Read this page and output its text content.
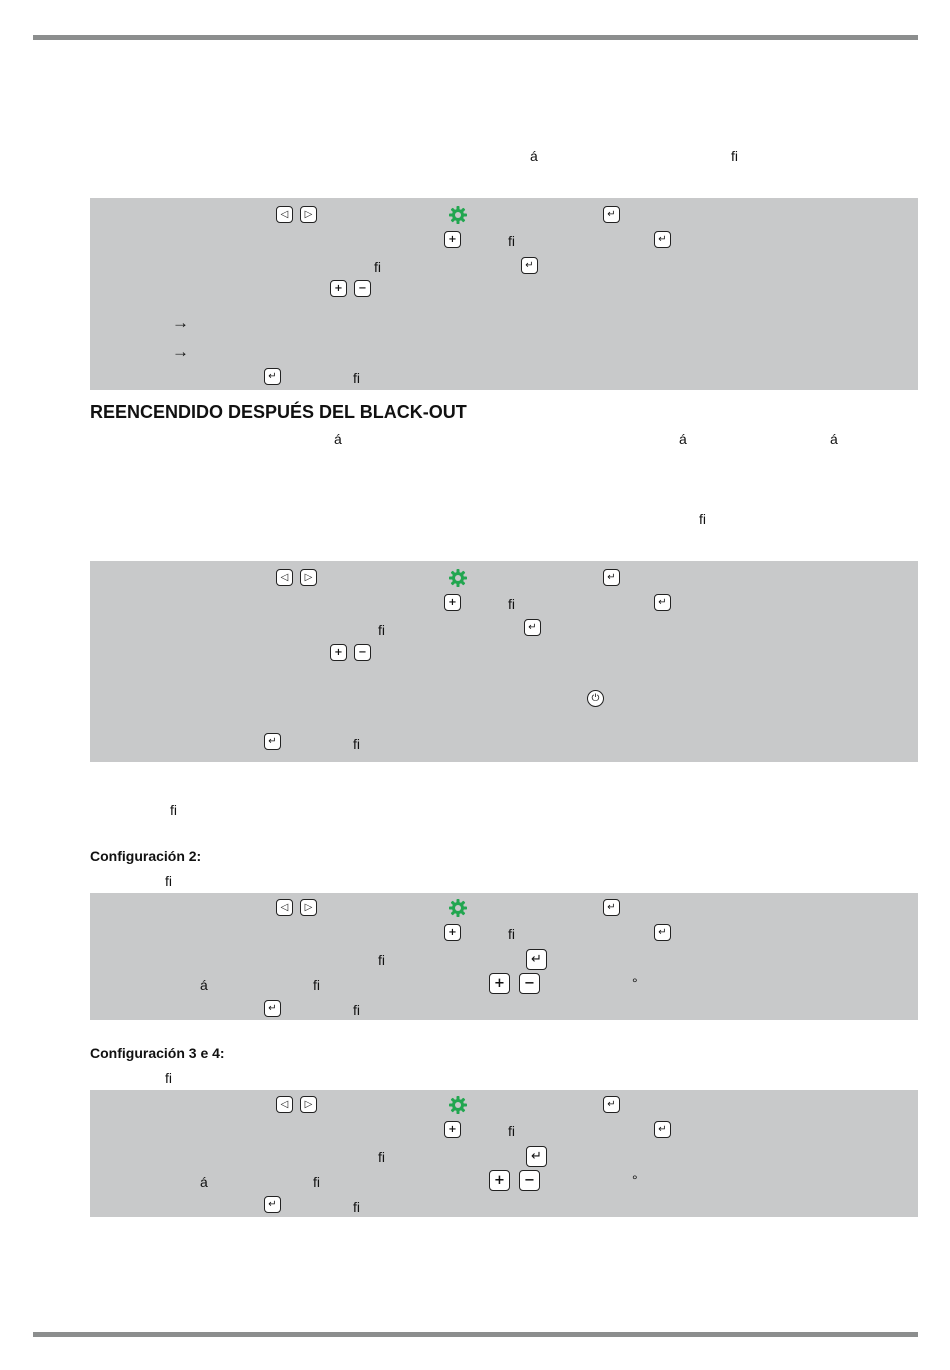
á	fi
◁	▷	↵
+	fi	↵
fi	↵
+	−
→
→
↵	fi
REENCENDIDO DESPUÉS DEL BLACK-OUT
á	á	á
fi
◁	▷	↵
+	fi	↵
fi	↵
+	−
⏻
↵	fi
fi
Configuración 2:
fi
◁	▷	↵
+	fi	↵
fi	↵
á	fi	+	−	°
↵	fi
Configuración 3 e 4:
fi
◁	▷	↵
+	fi	↵
fi	↵
á	fi	+	−	°
↵	fi
